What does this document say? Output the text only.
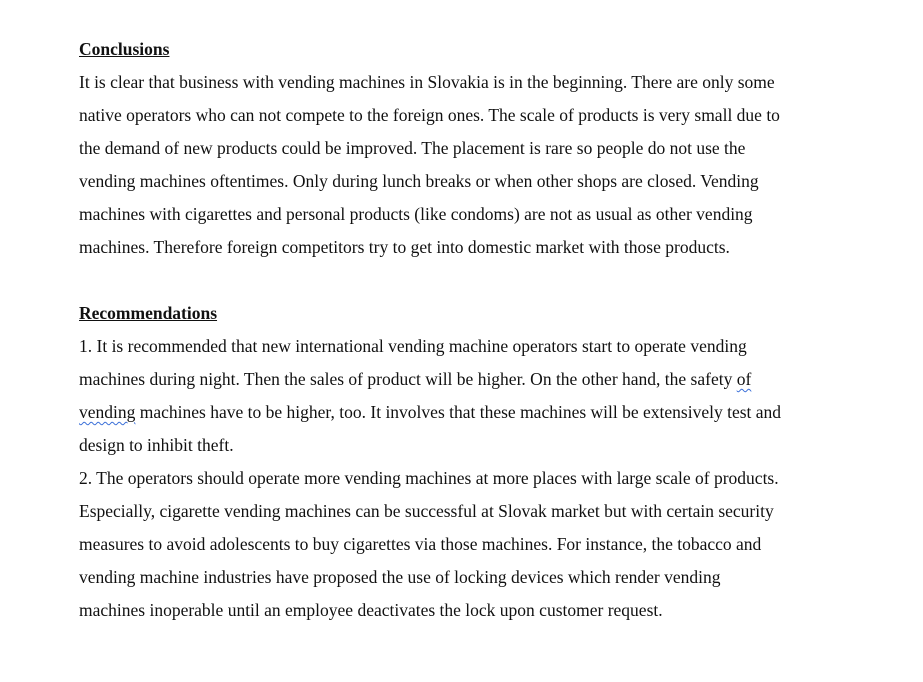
Conclusions
It is clear that business with vending machines in Slovakia is in the beginning. There are only some
native operators who can not compete to the foreign ones. The scale of products is very small due to
the demand of new products could be improved. The placement is rare so people do not use the
vending machines oftentimes. Only during lunch breaks or when other shops are closed. Vending
machines with cigarettes and personal products (like condoms) are not as usual as other vending
machines. Therefore foreign competitors try to get into domestic market with those products.
Recommendations
1. It is recommended that new international vending machine operators start to operate vending
machines during night. Then the sales of product will be higher. On the other hand, the safety of
vending machines have to be higher, too. It involves that these machines will be extensively test and
design to inhibit theft.
2. The operators should operate more vending machines at more places with large scale of products.
Especially, cigarette vending machines can be successful at Slovak market but with certain security
measures to avoid adolescents to buy cigarettes via those machines. For instance, the tobacco and
vending machine industries have proposed the use of locking devices which render vending
machines inoperable until an employee deactivates the lock upon customer request.
